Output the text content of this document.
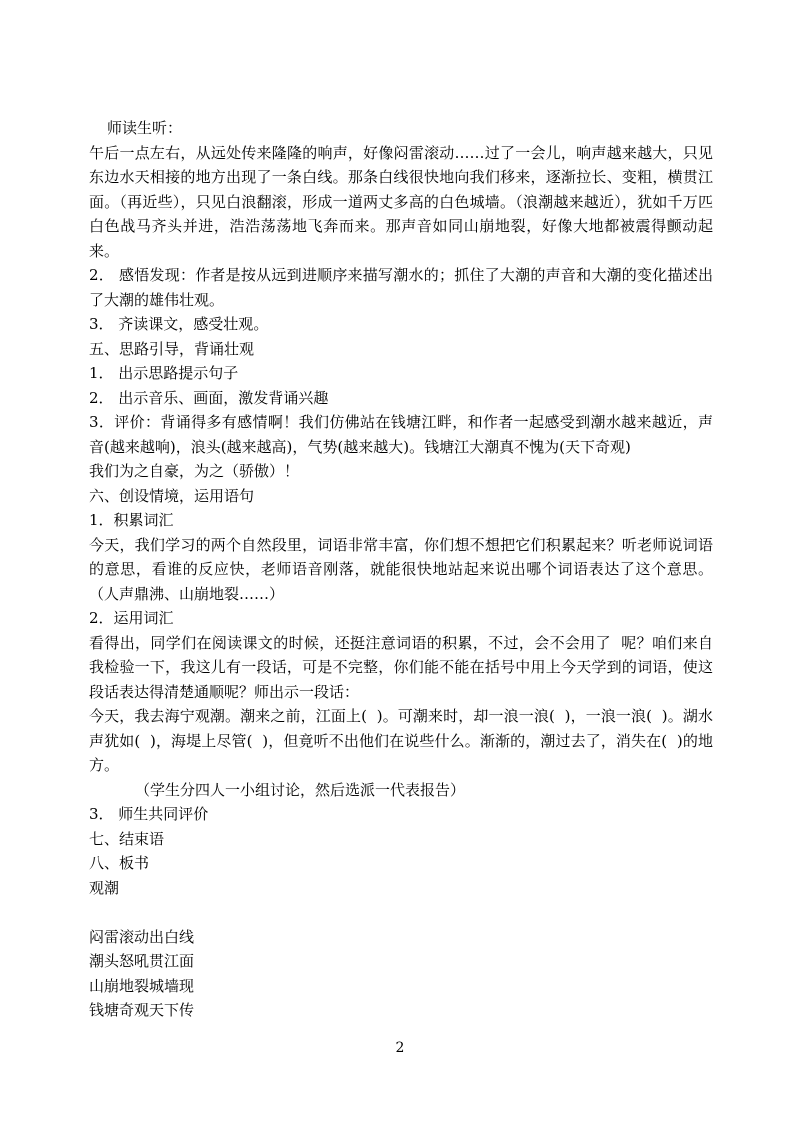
师读生听：

午后一点左右，从远处传来隆隆的响声，好像闷雷滚动……过了一会儿，响声越来越大，只见东边水天相接的地方出现了一条白线。那条白线很快地向我们移来，逐渐拉长、变粗，横贯江面。（再近些），只见白浪翻滚，形成一道两丈多高的白色城墙。（浪潮越来越近），犹如千万匹白色战马齐头并进，浩浩荡荡地飞奔而来。那声音如同山崩地裂，好像大地都被震得颤动起来。

2． 感悟发现：作者是按从远到进顺序来描写潮水的；抓住了大潮的声音和大潮的变化描述出了大潮的雄伟壮观。

3． 齐读课文，感受壮观。

五、思路引导，背诵壮观

1． 出示思路提示句子

2． 出示音乐、画面，激发背诵兴趣

3．评价：背诵得多有感情啊！我们仿佛站在钱塘江畔，和作者一起感受到潮水越来越近，声音(越来越响)，浪头(越来越高)，气势(越来越大)。钱塘江大潮真不愧为(天下奇观)

我们为之自豪，为之（骄傲）！

六、创设情境，运用语句

1．积累词汇

今天，我们学习的两个自然段里，词语非常丰富，你们想不想把它们积累起来？听老师说词语的意思，看谁的反应快，老师语音刚落，就能很快地站起来说出哪个词语表达了这个意思。  （人声鼎沸、山崩地裂……）

2．运用词汇

看得出，同学们在阅读课文的时候，还挺注意词语的积累，不过，会不会用了  呢？咱们来自我检验一下，我这儿有一段话，可是不完整，你们能不能在括号中用上今天学到的词语，使这段话表达得清楚通顺呢？师出示一段话：

今天，我去海宁观潮。潮来之前，江面上(  )。可潮来时，却一浪一浪(  )，一浪一浪(  )。湖水声犹如(  )，海堤上尽管(  )，但竟听不出他们在说些什么。渐渐的，潮过去了，消失在(  )的地方。

（学生分四人一小组讨论，然后选派一代表报告）

3． 师生共同评价

七、结束语

八、板书

观潮

闷雷滚动出白线

潮头怒吼贯江面

山崩地裂城墙现

钱塘奇观天下传

2
